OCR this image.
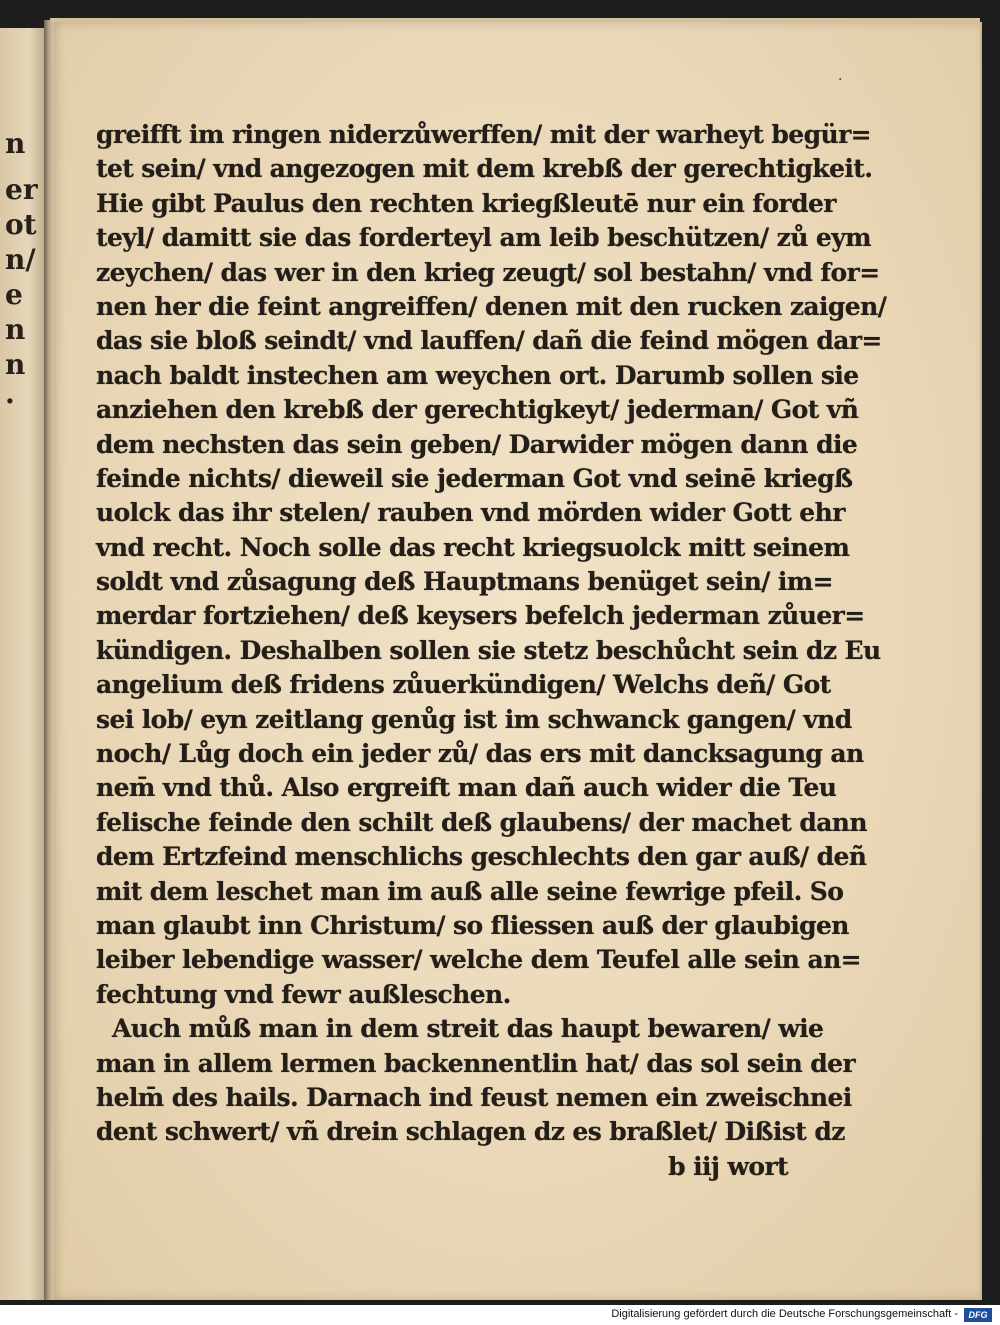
n
er
ot
n/
e
n
n
.
·
greifft im ringen niderzůwerffen/ mit der warheyt begür=
tet sein/ vnd angezogen mit dem krebß der gerechtigkeit.
Hie gibt Paulus den rechten kriegßleutē nur ein forder
teyl/ damitt sie das forderteyl am leib beschützen/ zů eym
zeychen/ das wer in den krieg zeugt/ sol bestahn/ vnd for=
nen her die feint angreiffen/ denen mit den rucken zaigen/
das sie bloß seindt/ vnd lauffen/ dañ die feind mögen dar=
nach baldt instechen am weychen ort. Darumb sollen sie
anziehen den krebß der gerechtigkeyt/ jederman/ Got vñ
dem nechsten das sein geben/ Darwider mögen dann die
feinde nichts/ dieweil sie jederman Got vnd seinē kriegß
uolck das ihr stelen/ rauben vnd mörden wider Gott ehr
vnd recht. Noch solle das recht kriegsuolck mitt seinem
soldt vnd zůsagung deß Hauptmans benüget sein/ im=
merdar fortziehen/ deß keysers befelch jederman zůuer=
kündigen. Deshalben sollen sie stetz beschůcht sein dz Eu
angelium deß fridens zůuerkündigen/ Welchs deñ/ Got
sei lob/ eyn zeitlang genůg ist im schwanck gangen/ vnd
noch/ Lůg doch ein jeder zů/ das ers mit dancksagung an
nem̄ vnd thů. Also ergreift man dañ auch wider die Teu
felische feinde den schilt deß glaubens/ der machet dann
dem Ertzfeind menschlichs geschlechts den gar auß/ deñ
mit dem leschet man im auß alle seine fewrige pfeil. So
man glaubt inn Christum/ so fliessen auß der glaubigen
leiber lebendige wasser/ welche dem Teufel alle sein an=
fechtung vnd fewr außleschen.
Auch můß man in dem streit das haupt bewaren/ wie
man in allem lermen backennentlin hat/ das sol sein der
helm̄ des hails. Darnach ind feust nemen ein zweischnei
dent schwert/ vñ drein schlagen dz es braßlet/ Dißist dz
b iij wort
Digitalisierung gefördert durch die Deutsche Forschungsgemeinschaft -	DFG
